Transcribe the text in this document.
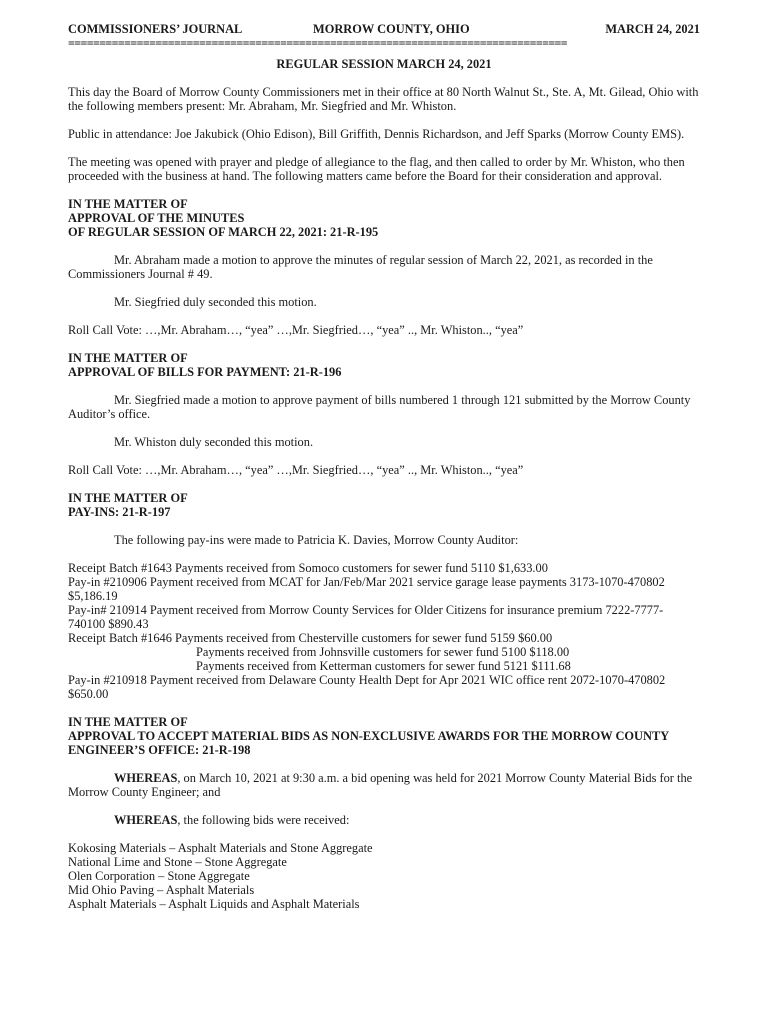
COMMISSIONERS’ JOURNAL	MORROW COUNTY, OHIO	MARCH 24, 2021
================================================================================
REGULAR SESSION MARCH 24, 2021

This day the Board of Morrow County Commissioners met in their office at 80 North Walnut St., Ste. A, Mt. Gilead, Ohio with the following members present: Mr. Abraham, Mr. Siegfried and Mr. Whiston.

Public in attendance: Joe Jakubick (Ohio Edison), Bill Griffith, Dennis Richardson, and Jeff Sparks (Morrow County EMS).

The meeting was opened with prayer and pledge of allegiance to the flag, and then called to order by Mr. Whiston, who then proceeded with the business at hand. The following matters came before the Board for their consideration and approval.

IN THE MATTER OF
APPROVAL OF THE MINUTES
OF REGULAR SESSION OF MARCH 22, 2021: 21-R-195

Mr. Abraham made a motion to approve the minutes of regular session of March 22, 2021, as recorded in the Commissioners Journal # 49.

Mr. Siegfried duly seconded this motion.

Roll Call Vote: …,Mr. Abraham…, “yea” …,Mr. Siegfried…, “yea” .., Mr. Whiston.., “yea”

IN THE MATTER OF
APPROVAL OF BILLS FOR PAYMENT: 21-R-196

Mr. Siegfried made a motion to approve payment of bills numbered 1 through 121 submitted by the Morrow County Auditor’s office.

Mr. Whiston duly seconded this motion.

Roll Call Vote: …,Mr. Abraham…, “yea” …,Mr. Siegfried…, “yea” .., Mr. Whiston.., “yea”

IN THE MATTER OF
PAY-INS: 21-R-197

The following pay-ins were made to Patricia K. Davies, Morrow County Auditor:

Receipt Batch #1643 Payments received from Somoco customers for sewer fund 5110 $1,633.00

Pay-in #210906 Payment received from MCAT for Jan/Feb/Mar 2021 service garage lease payments 3173-1070-470802 $5,186.19

Pay-in# 210914 Payment received from Morrow County Services for Older Citizens for insurance premium 7222-7777-740100 $890.43

Receipt Batch #1646 Payments received from Chesterville customers for sewer fund 5159 $60.00

Payments received from Johnsville customers for sewer fund 5100 $118.00

Payments received from Ketterman customers for sewer fund 5121 $111.68

Pay-in #210918 Payment received from Delaware County Health Dept for Apr 2021 WIC office rent 2072-1070-470802 $650.00

IN THE MATTER OF
APPROVAL TO ACCEPT MATERIAL BIDS AS NON-EXCLUSIVE AWARDS FOR THE MORROW COUNTY ENGINEER’S OFFICE: 21-R-198

WHEREAS, on March 10, 2021 at 9:30 a.m. a bid opening was held for 2021 Morrow County Material Bids for the Morrow County Engineer; and

WHEREAS, the following bids were received:

Kokosing Materials – Asphalt Materials and Stone Aggregate
National Lime and Stone – Stone Aggregate
Olen Corporation – Stone Aggregate
Mid Ohio Paving – Asphalt Materials
Asphalt Materials – Asphalt Liquids and Asphalt Materials
